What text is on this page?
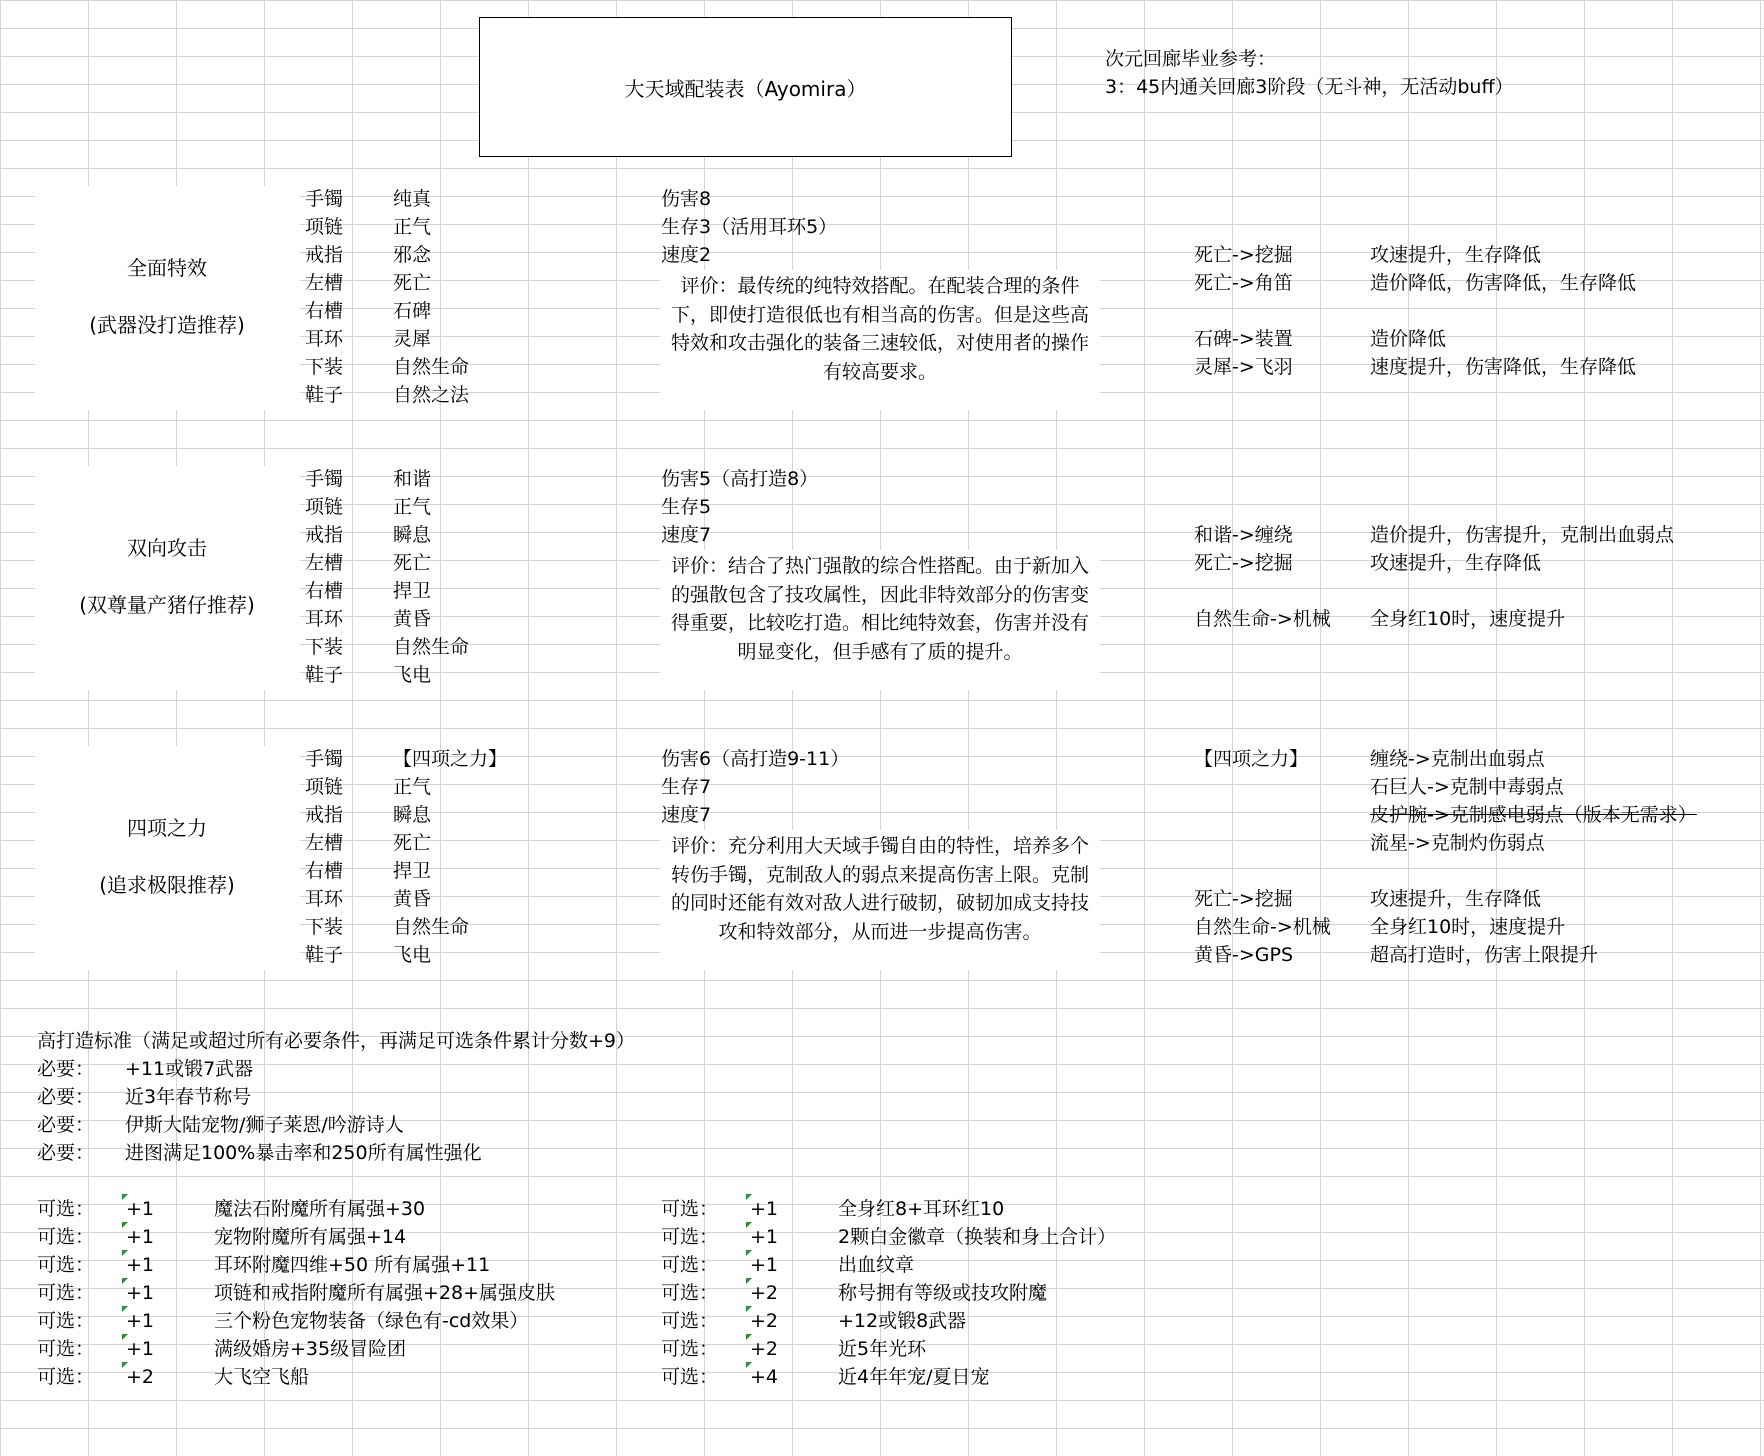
大天域配装表（Ayomira）
次元回廊毕业参考：
3：45内通关回廊3阶段（无斗神，无活动buff）
全面特效
(武器没打造推荐)
手镯	纯真
项链	正气
戒指	邪念
左槽	死亡
右槽	石碑
耳环	灵犀
下装	自然生命
鞋子	自然之法
伤害8
生存3（活用耳环5）
速度2
评价：最传统的纯特效搭配。在配装合理的条件下，即使打造很低也有相当高的伤害。但是这些高特效和攻击强化的装备三速较低，对使用者的操作有较高要求。
死亡->挖掘	攻速提升，生存降低
死亡->角笛	造价降低，伤害降低，生存降低
石碑->装置	造价降低
灵犀->飞羽	速度提升，伤害降低，生存降低
双向攻击
(双尊量产猪仔推荐)
手镯	和谐
项链	正气
戒指	瞬息
左槽	死亡
右槽	捍卫
耳环	黄昏
下装	自然生命
鞋子	飞电
伤害5（高打造8）
生存5
速度7
评价：结合了热门强散的综合性搭配。由于新加入的强散包含了技攻属性，因此非特效部分的伤害变得重要，比较吃打造。相比纯特效套，伤害并没有明显变化，但手感有了质的提升。
和谐->缠绕	造价提升，伤害提升，克制出血弱点
死亡->挖掘	攻速提升，生存降低
自然生命->机械 全身红10时，速度提升
四项之力
(追求极限推荐)
手镯	【四项之力】
项链	正气
戒指	瞬息
左槽	死亡
右槽	捍卫
耳环	黄昏
下装	自然生命
鞋子	飞电
伤害6（高打造9-11）
生存7
速度7
评价：充分利用大天域手镯自由的特性，培养多个转伤手镯，克制敌人的弱点来提高伤害上限。克制的同时还能有效对敌人进行破韧，破韧加成支持技攻和特效部分，从而进一步提高伤害。
【四项之力】	缠绕->克制出血弱点
石巨人->克制中毒弱点
皮护腕->克制感电弱点（版本无需求）
流星->克制灼伤弱点
死亡->挖掘	攻速提升，生存降低
自然生命->机械 全身红10时，速度提升
黄昏->GPS	超高打造时，伤害上限提升
高打造标准（满足或超过所有必要条件，再满足可选条件累计分数+9）
必要： +11或锻7武器
必要： 近3年春节称号
必要： 伊斯大陆宠物/狮子莱恩/吟游诗人
必要： 进图满足100%暴击率和250所有属性强化
可选： +1	魔法石附魔所有属强+30
可选： +1	宠物附魔所有属强+14
可选： +1	耳环附魔四维+50 所有属强+11
可选： +1	项链和戒指附魔所有属强+28+属强皮肤
可选： +1	三个粉色宠物装备（绿色有-cd效果）
可选： +1	满级婚房+35级冒险团
可选： +2	大飞空飞船
可选： +1	全身红8+耳环红10
可选： +1	2颗白金徽章（换装和身上合计）
可选： +1	出血纹章
可选： +2	称号拥有等级或技攻附魔
可选： +2	+12或锻8武器
可选： +2	近5年光环
可选： +4	近4年年宠/夏日宠
